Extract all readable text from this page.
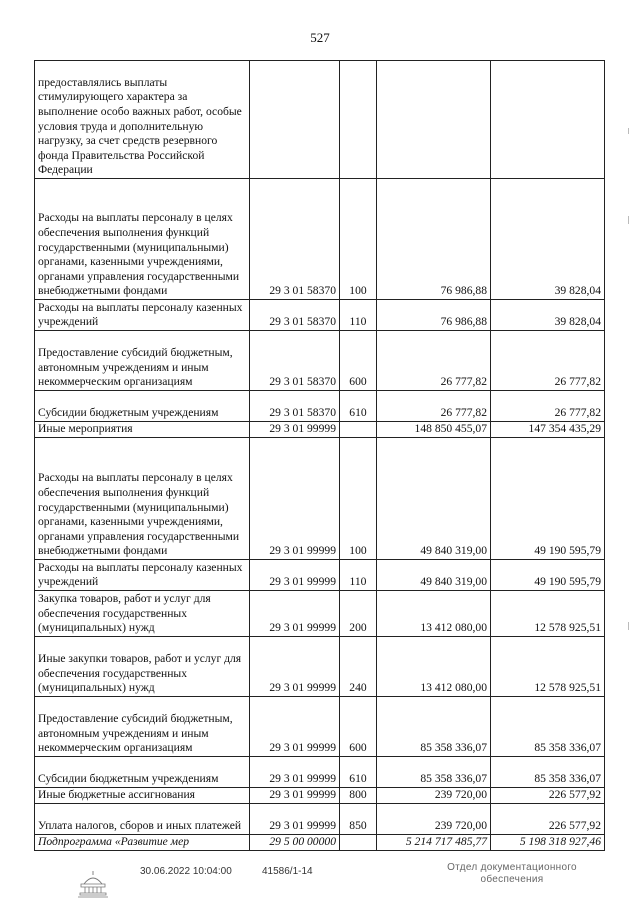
527
предоставлялись выплаты стимулирующего характера за выполнение особо важных работ, особые условия труда и дополнительную нагрузку, за счет средств резервного фонда Правительства Российской Федерации				
Расходы на выплаты персоналу в целях обеспечения выполнения функций государственными (муниципальными) органами, казенными учреждениями, органами управления государственными внебюджетными фондами	29 3 01 58370	100	76 986,88	39 828,04
Расходы на выплаты персоналу казенных учреждений	29 3 01 58370	110	76 986,88	39 828,04
Предоставление субсидий бюджетным, автономным учреждениям и иным некоммерческим организациям	29 3 01 58370	600	26 777,82	26 777,82
Субсидии бюджетным учреждениям	29 3 01 58370	610	26 777,82	26 777,82
Иные мероприятия	29 3 01 99999		148 850 455,07	147 354 435,29
Расходы на выплаты персоналу в целях обеспечения выполнения функций государственными (муниципальными) органами, казенными учреждениями, органами управления государственными внебюджетными фондами	29 3 01 99999	100	49 840 319,00	49 190 595,79
Расходы на выплаты персоналу казенных учреждений	29 3 01 99999	110	49 840 319,00	49 190 595,79
Закупка товаров, работ и услуг для обеспечения государственных (муниципальных) нужд	29 3 01 99999	200	13 412 080,00	12 578 925,51
Иные закупки товаров, работ и услуг для обеспечения государственных (муниципальных) нужд	29 3 01 99999	240	13 412 080,00	12 578 925,51
Предоставление субсидий бюджетным, автономным учреждениям и иным некоммерческим организациям	29 3 01 99999	600	85 358 336,07	85 358 336,07
Субсидии бюджетным учреждениям	29 3 01 99999	610	85 358 336,07	85 358 336,07
Иные бюджетные ассигнования	29 3 01 99999	800	239 720,00	226 577,92
Уплата налогов, сборов и иных платежей	29 3 01 99999	850	239 720,00	226 577,92
Подпрограмма «Развитие мер	29 5 00 00000		5 214 717 485,77	5 198 318 927,46
30.06.2022 10:04:00	41586/1-14	Отдел документационного
обеспечения
